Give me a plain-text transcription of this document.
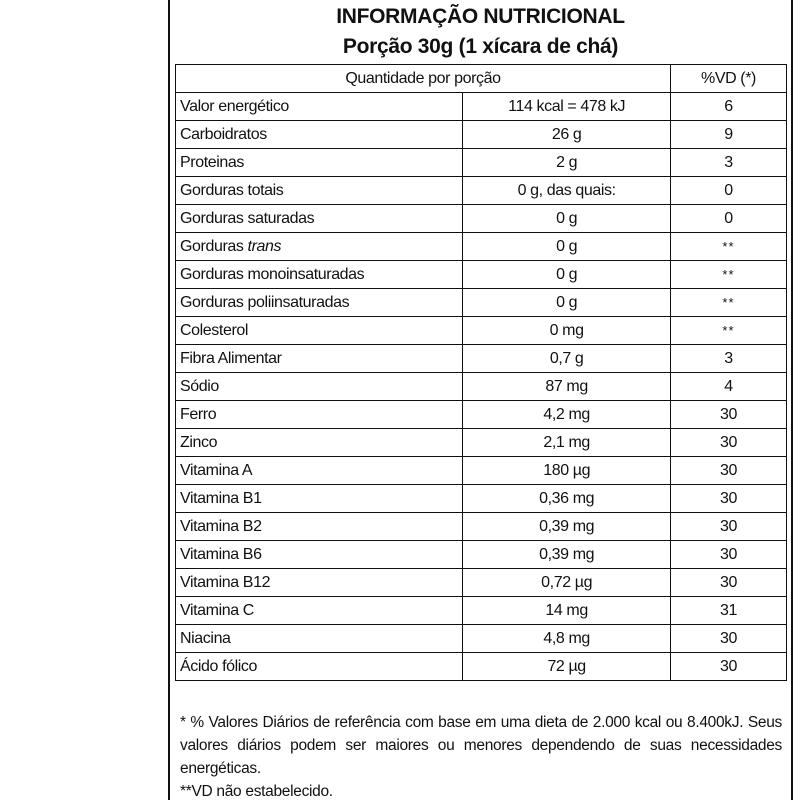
INFORMAÇÃO NUTRICIONAL
Porção 30g (1 xícara de chá)
Quantidade por porção		%VD (*)
Valor energético	114 kcal = 478 kJ	6
Carboidratos	26 g	9
Proteinas	2 g	3
Gorduras totais	0 g, das quais:	0
Gorduras saturadas	0 g	0
Gorduras trans	0 g	**
Gorduras monoinsaturadas	0 g	**
Gorduras poliinsaturadas	0 g	**
Colesterol	0 mg	**
Fibra Alimentar	0,7 g	3
Sódio	87 mg	4
Ferro	4,2 mg	30
Zinco	2,1 mg	30
Vitamina A	180 µg	30
Vitamina B1	0,36 mg	30
Vitamina B2	0,39 mg	30
Vitamina B6	0,39 mg	30
Vitamina B12	0,72 µg	30
Vitamina C	14 mg	31
Niacina	4,8 mg	30
Ácido fólico	72 µg	30

* % Valores Diários de referência com base em uma dieta de 2.000 kcal ou 8.400kJ. Seus valores diários podem ser maiores ou menores dependendo de suas necessidades energéticas.

**VD não estabelecido.
